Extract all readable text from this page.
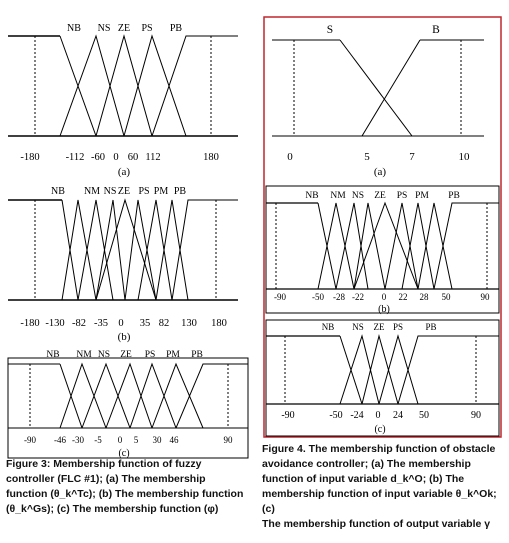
NB NS ZE PS PB
-180 -112 -60 0 60 112	180
(a)
NB NM NS ZE PS PM PB
-180 -130 -82 -35 0 35 82 130 180
(b)
NB NM NS ZE PS PM PB
-90 -46 -30 -5 0 5 30 46	90
(c)
S	B
0	5	7	10
(a)
NB NM NS ZE PS PM PB
-90	-50 -28 -22 0 22 28 50	90
(b)
NB NS ZE PS PB
-90	-50 -24 0 24 50	90
(c)
Figure 3: Membership function of fuzzy
controller (FLC #1); (a) The membership
function (θ_k^Tc); (b) The membership function
(θ_k^Gs); (c) The membership function (φ)
Figure 4. The membership function of obstacle
avoidance controller; (a) The membership
function of input variable d_k^O; (b) The
membership function of input variable θ_k^Ok; (c)
The membership function of output variable γ
